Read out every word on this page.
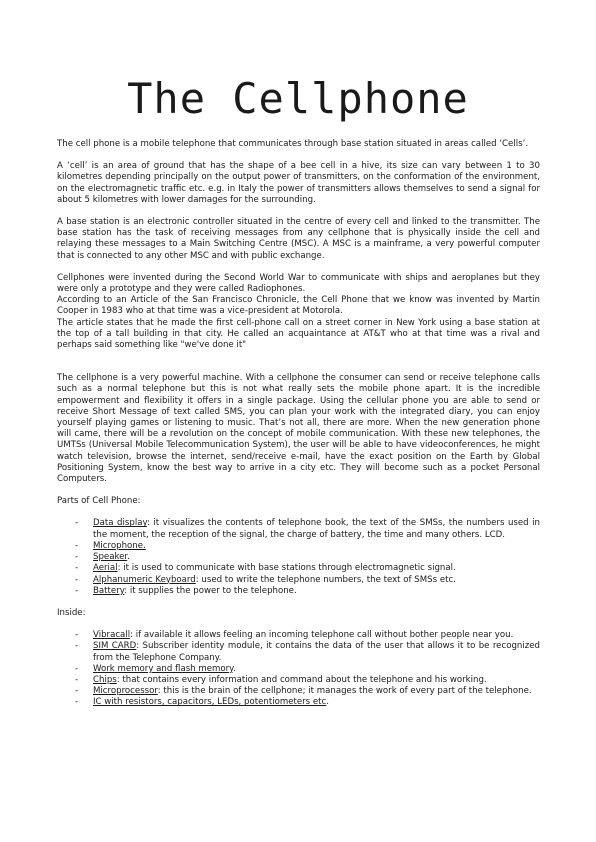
The Cellphone

The cell phone is a mobile telephone that communicates through base station situated in areas called ‘Cells’.

A ‘cell’ is an area of ground that has the shape of a bee cell in a hive, its size can vary between 1 to 30 kilometres depending principally on the output power of transmitters, on the conformation of the environment, on the electromagnetic traffic etc. e.g. in Italy the power of transmitters allows themselves to send a signal for about 5 kilometres with lower damages for the surrounding.

A base station is an electronic controller situated in the centre of every cell and linked to the transmitter. The base station has the task of receiving messages from any cellphone that is physically inside the cell and relaying these messages to a Main Switching Centre (MSC). A MSC is a mainframe, a very powerful computer that is connected to any other MSC and with public exchange.

Cellphones were invented during the Second World War to communicate with ships and aeroplanes but they were only a prototype and they were called Radiophones.

According to an Article of the San Francisco Chronicle, the Cell Phone that we know was invented by Martin Cooper in 1983 who at that time was a vice-president at Motorola.

The article states that he made the first cell-phone call on a street corner in New York using a base station at the top of a tall building in that city. He called an acquaintance at AT&T who at that time was a rival and perhaps said something like "we've done it"

The cellphone is a very powerful machine. With a cellphone the consumer can send or receive telephone calls such as a normal telephone but this is not what really sets the mobile phone apart. It is the incredible empowerment and flexibility it offers in a single package. Using the cellular phone you are able to send or receive Short Message of text called SMS, you can plan your work with the integrated diary, you can enjoy yourself playing games or listening to music. That’s not all, there are more. When the new generation phone will came, there will be a revolution on the concept of mobile communication. With these new telephones, the UMTSs (Universal Mobile Telecommunication System), the user will be able to have videoconferences, he might watch television, browse the internet, send/receive e-mail, have the exact position on the Earth by Global Positioning System, know the best way to arrive in a city etc. They will become such as a pocket Personal Computers.

Parts of Cell Phone:

- Data display: it visualizes the contents of telephone book, the text of the SMSs, the numbers used in the moment, the reception of the signal, the charge of battery, the time and many others. LCD.
- Microphone.
- Speaker.
- Aerial: it is used to communicate with base stations through electromagnetic signal.
- Alphanumeric Keyboard: used to write the telephone numbers, the text of SMSs etc.
- Battery: it supplies the power to the telephone.

Inside:

- Vibracall: if available it allows feeling an incoming telephone call without bother people near you.
- SIM CARD: Subscriber identity module, it contains the data of the user that allows it to be recognized from the Telephone Company.
- Work memory and flash memory.
- Chips: that contains every information and command about the telephone and his working.
- Microprocessor: this is the brain of the cellphone; it manages the work of every part of the telephone.
- IC with resistors, capacitors, LEDs, potentiometers etc.
